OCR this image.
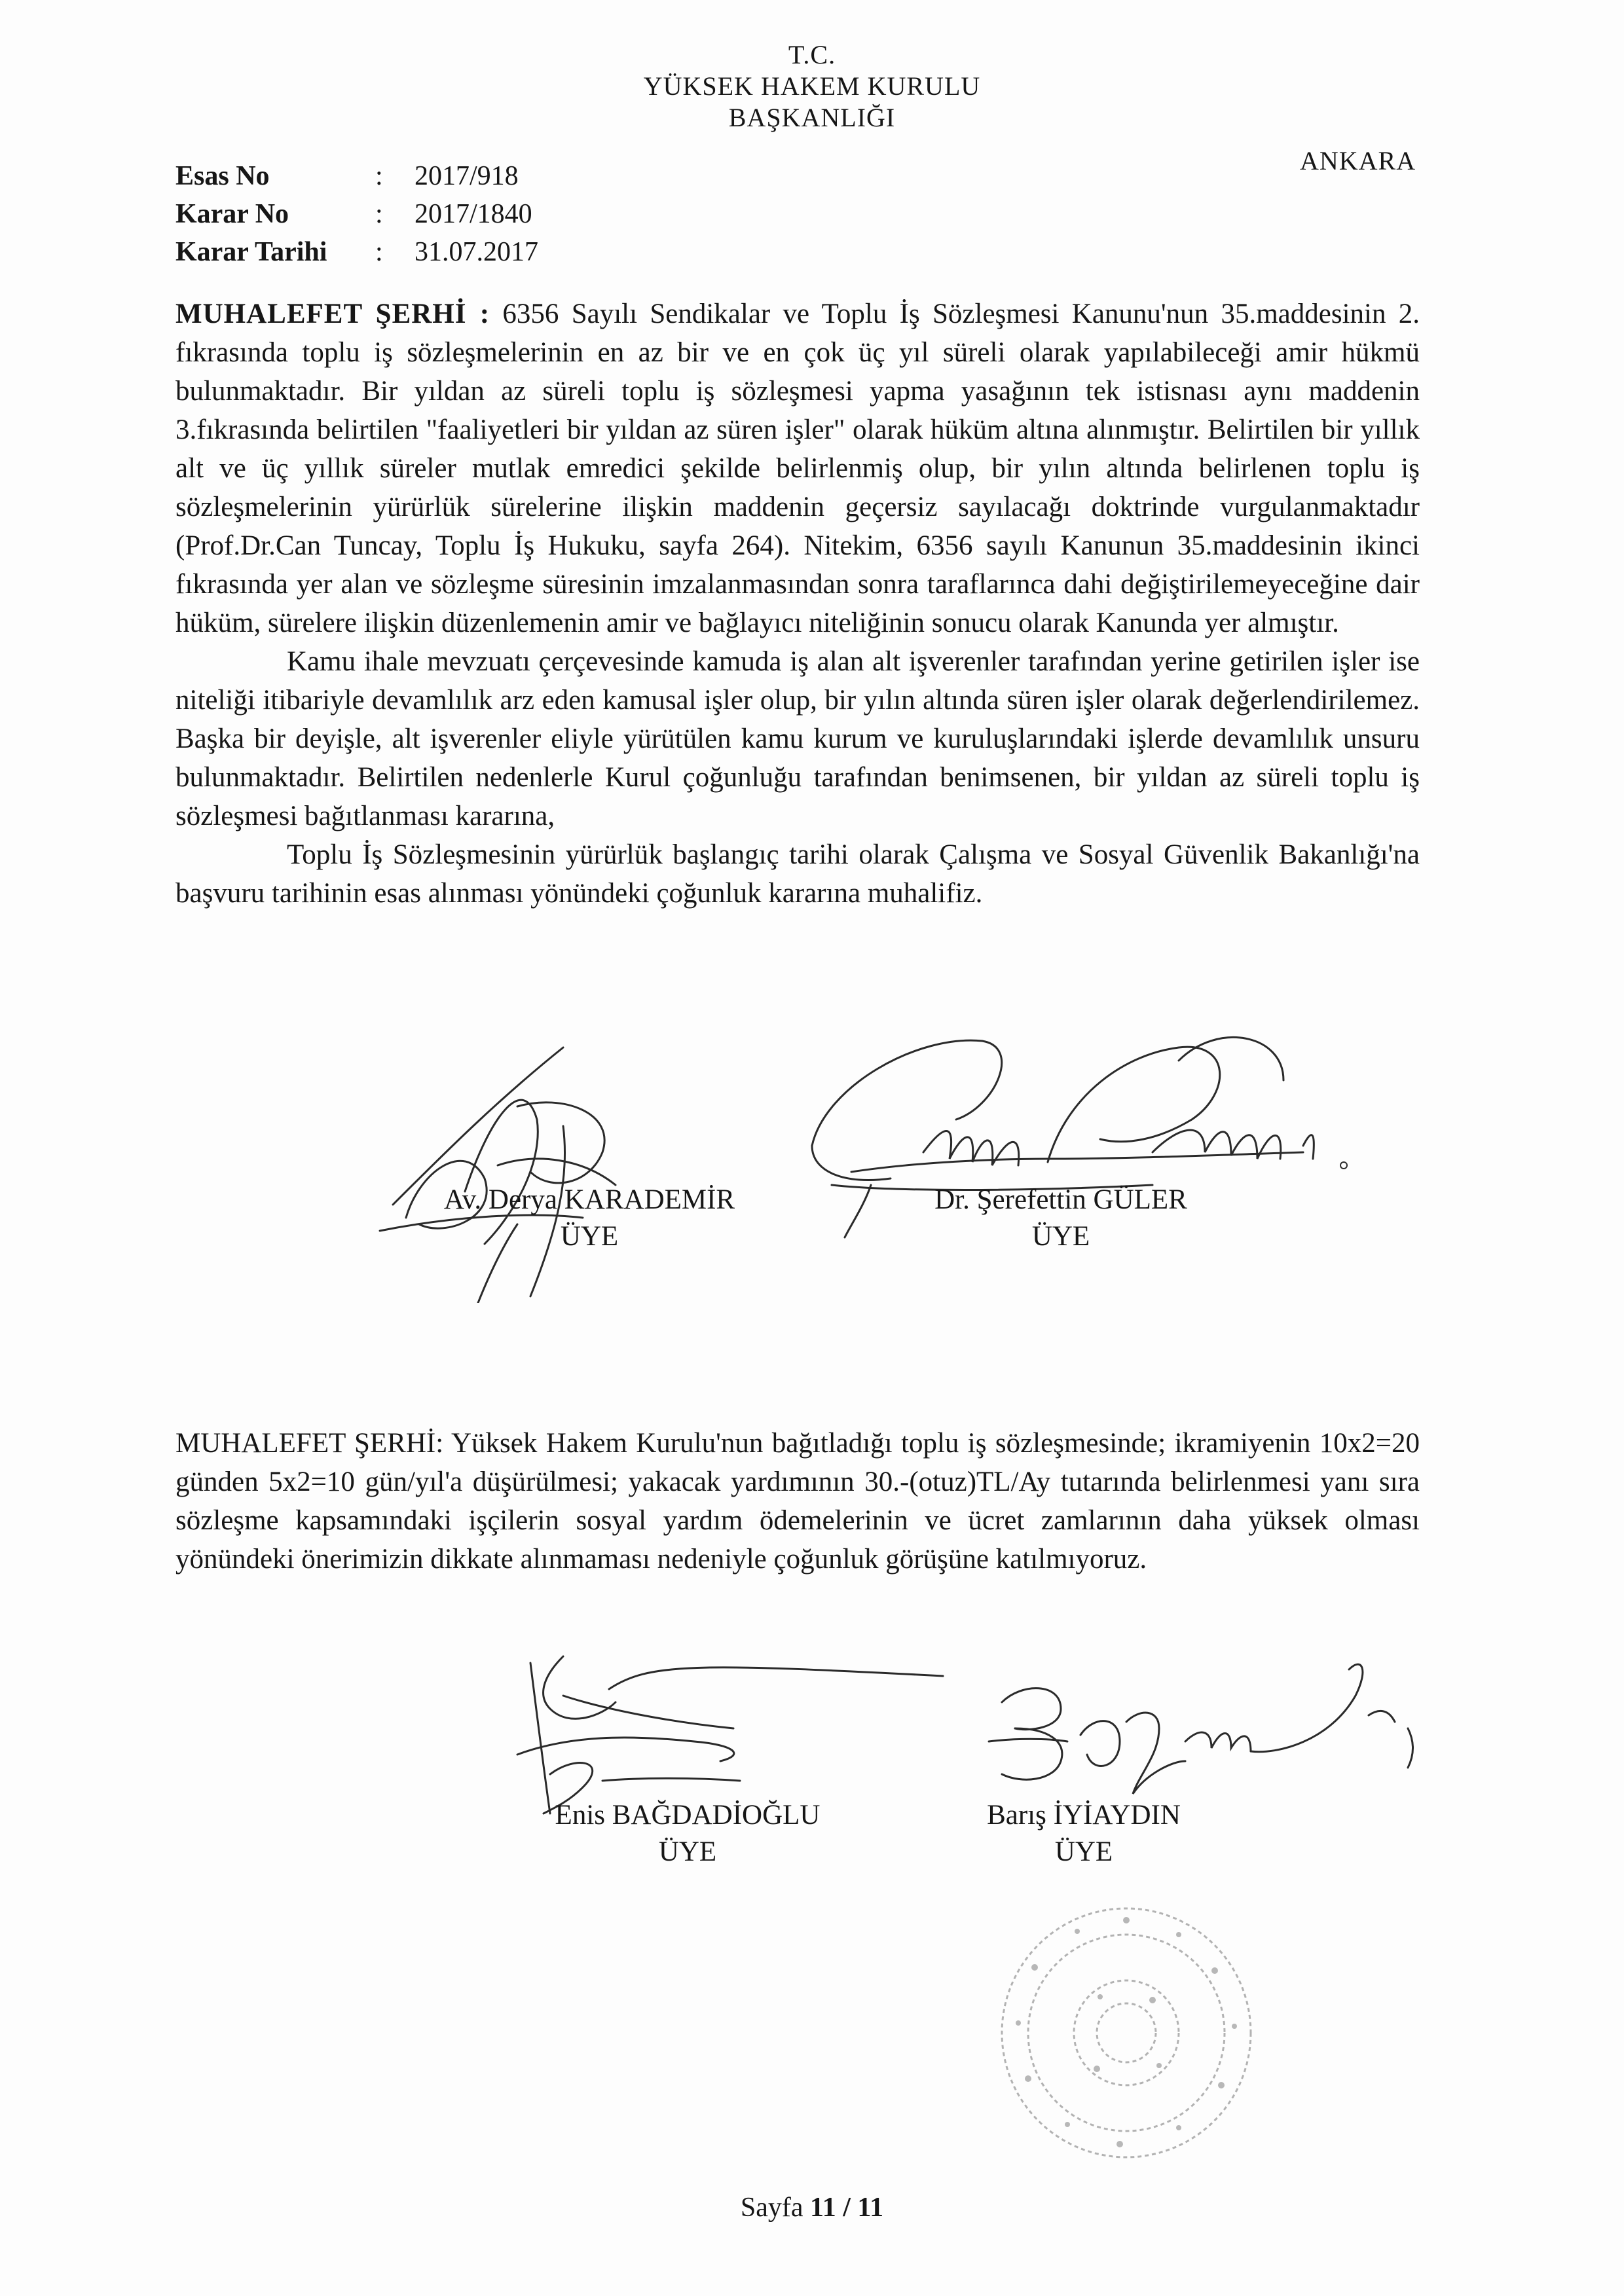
T.C.
YÜKSEK HAKEM KURULU
BAŞKANLIĞI
ANKARA
Esas No	:	2017/918
Karar No	:	2017/1840
Karar Tarihi	:	31.07.2017
MUHALEFET ŞERHİ : 6356 Sayılı Sendikalar ve Toplu İş Sözleşmesi Kanunu'nun 35.maddesinin 2. fıkrasında toplu iş sözleşmelerinin en az bir ve en çok üç yıl süreli olarak yapılabileceği amir hükmü bulunmaktadır. Bir yıldan az süreli toplu iş sözleşmesi yapma yasağının tek istisnası aynı maddenin 3.fıkrasında belirtilen "faaliyetleri bir yıldan az süren işler" olarak hüküm altına alınmıştır. Belirtilen bir yıllık alt ve üç yıllık süreler mutlak emredici şekilde belirlenmiş olup, bir yılın altında belirlenen toplu iş sözleşmelerinin yürürlük sürelerine ilişkin maddenin geçersiz sayılacağı doktrinde vurgulanmaktadır (Prof.Dr.Can Tuncay, Toplu İş Hukuku, sayfa 264). Nitekim, 6356 sayılı Kanunun 35.maddesinin ikinci fıkrasında yer alan ve sözleşme süresinin imzalanmasından sonra taraflarınca dahi değiştirilemeyeceğine dair hüküm, sürelere ilişkin düzenlemenin amir ve bağlayıcı niteliğinin sonucu olarak Kanunda yer almıştır.
Kamu ihale mevzuatı çerçevesinde kamuda iş alan alt işverenler tarafından yerine getirilen işler ise niteliği itibariyle devamlılık arz eden kamusal işler olup, bir yılın altında süren işler olarak değerlendirilemez. Başka bir deyişle, alt işverenler eliyle yürütülen kamu kurum ve kuruluşlarındaki işlerde devamlılık unsuru bulunmaktadır. Belirtilen nedenlerle Kurul çoğunluğu tarafından benimsenen, bir yıldan az süreli toplu iş sözleşmesi bağıtlanması kararına,
Toplu İş Sözleşmesinin yürürlük başlangıç tarihi olarak Çalışma ve Sosyal Güvenlik Bakanlığı'na başvuru tarihinin esas alınması yönündeki çoğunluk kararına muhalifiz.
Av. Derya KARADEMİR
ÜYE
Dr. Şerefettin GÜLER
ÜYE
MUHALEFET ŞERHİ: Yüksek Hakem Kurulu'nun bağıtladığı toplu iş sözleşmesinde; ikramiyenin 10x2=20 günden 5x2=10 gün/yıl'a düşürülmesi; yakacak yardımının 30.-(otuz)TL/Ay tutarında belirlenmesi yanı sıra sözleşme kapsamındaki işçilerin sosyal yardım ödemelerinin ve ücret zamlarının daha yüksek olması yönündeki önerimizin dikkate alınmaması nedeniyle çoğunluk görüşüne katılmıyoruz.
Enis BAĞDADİOĞLU
ÜYE
Barış İYİAYDIN
ÜYE
Sayfa 11 / 11
